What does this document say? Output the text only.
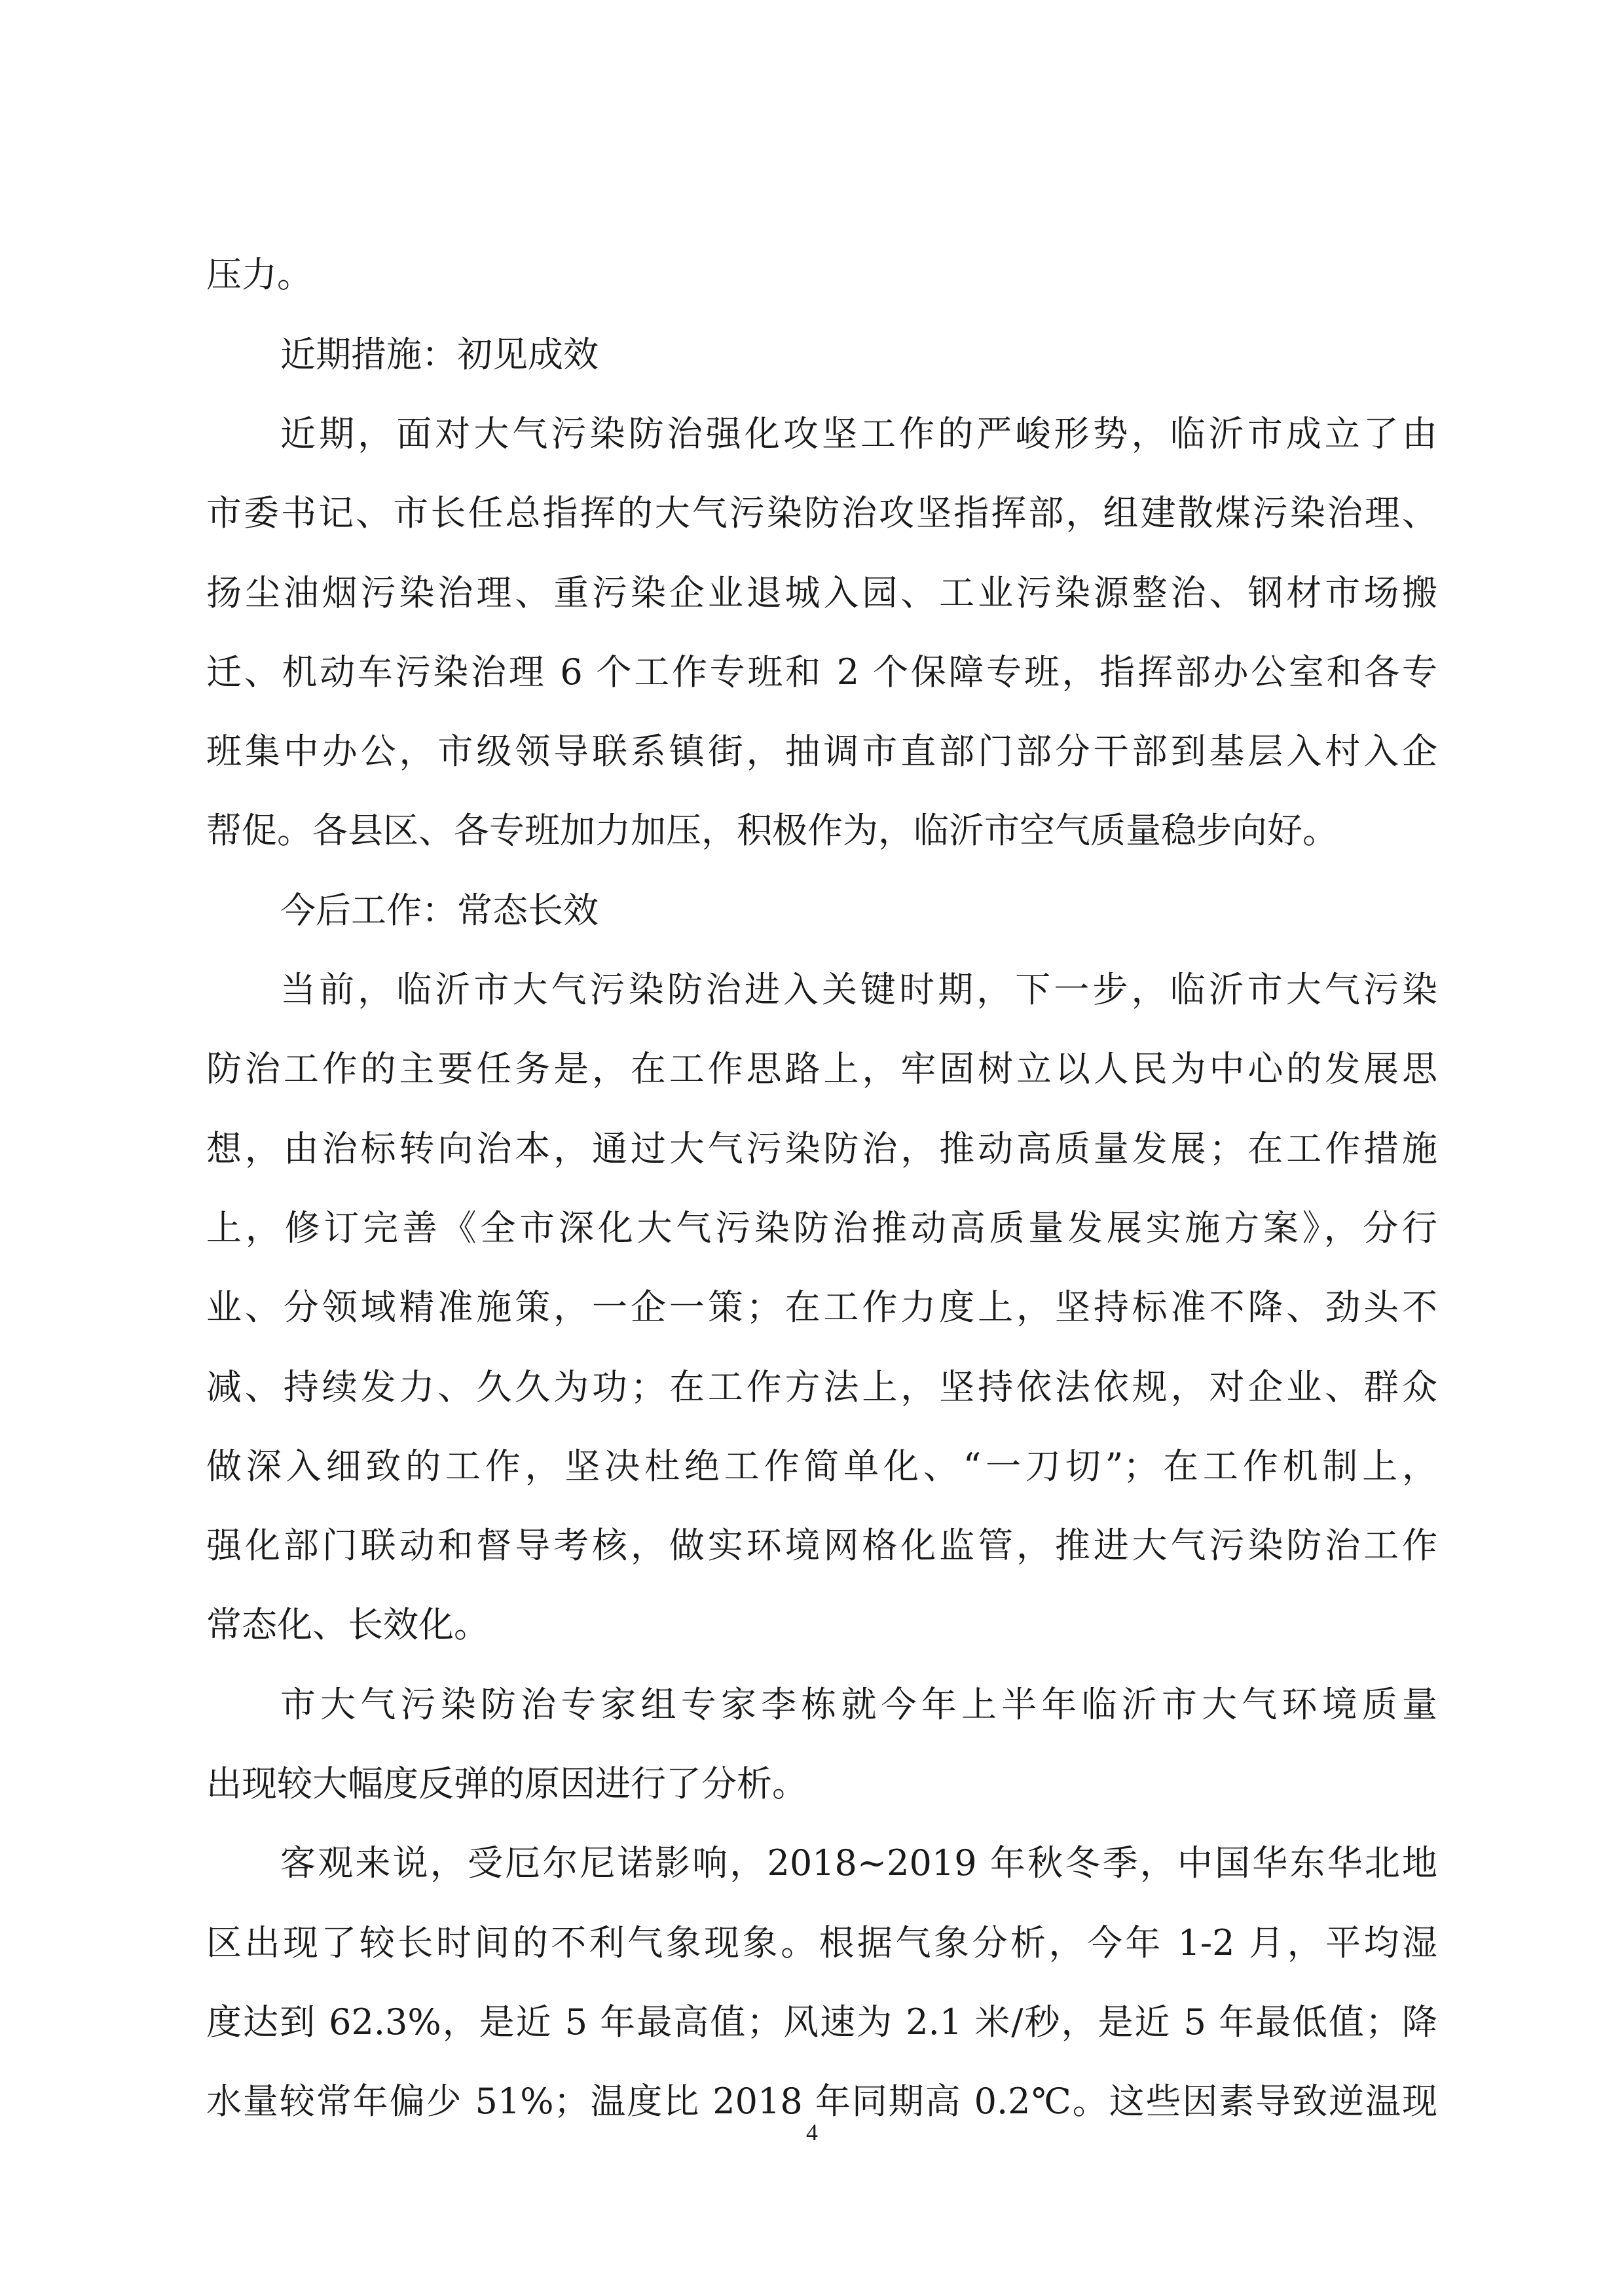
压力。
近期措施：初见成效
近期，面对大气污染防治强化攻坚工作的严峻形势，临沂市成立了由
市委书记、市长任总指挥的大气污染防治攻坚指挥部，组建散煤污染治理、
扬尘油烟污染治理、重污染企业退城入园、工业污染源整治、钢材市场搬
迁、机动车污染治理 6 个工作专班和 2 个保障专班，指挥部办公室和各专
班集中办公，市级领导联系镇街，抽调市直部门部分干部到基层入村入企
帮促。各县区、各专班加力加压，积极作为，临沂市空气质量稳步向好。
今后工作：常态长效
当前，临沂市大气污染防治进入关键时期，下一步，临沂市大气污染
防治工作的主要任务是，在工作思路上，牢固树立以人民为中心的发展思
想，由治标转向治本，通过大气污染防治，推动高质量发展；在工作措施
上，修订完善《全市深化大气污染防治推动高质量发展实施方案》，分行
业、分领域精准施策，一企一策；在工作力度上，坚持标准不降、劲头不
减、持续发力、久久为功；在工作方法上，坚持依法依规，对企业、群众
做深入细致的工作，坚决杜绝工作简单化、“一刀切”；在工作机制上，
强化部门联动和督导考核，做实环境网格化监管，推进大气污染防治工作
常态化、长效化。
市大气污染防治专家组专家李栋就今年上半年临沂市大气环境质量
出现较大幅度反弹的原因进行了分析。
客观来说，受厄尔尼诺影响，2018~2019 年秋冬季，中国华东华北地
区出现了较长时间的不利气象现象。根据气象分析，今年 1-2 月，平均湿
度达到 62.3%，是近 5 年最高值；风速为 2.1 米/秒，是近 5 年最低值；降
水量较常年偏少 51%；温度比 2018 年同期高 0.2℃。这些因素导致逆温现
4
